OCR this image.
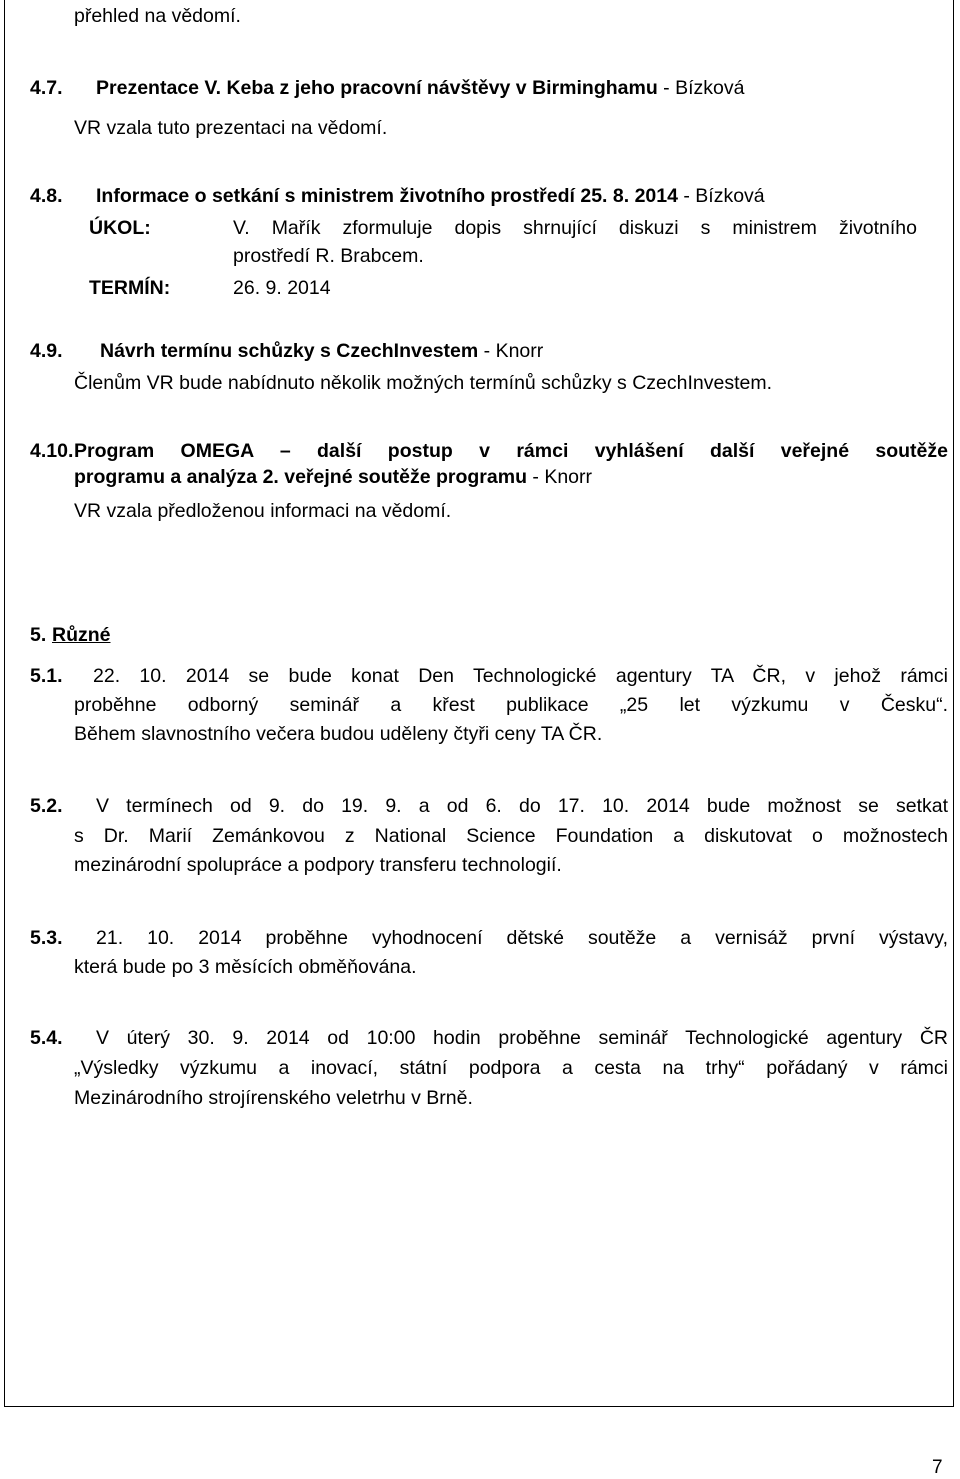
přehled na vědomí.
4.7. Prezentace V. Keba z jeho pracovní návštěvy v Birminghamu - Bízková
VR vzala tuto prezentaci na vědomí.
4.8. Informace o setkání s ministrem životního prostředí 25. 8. 2014 - Bízková
ÚKOL:	V. Mařík zformuluje dopis shrnující diskuzi s ministrem životního
prostředí R. Brabcem.
TERMÍN:	26. 9. 2014
4.9. Návrh termínu schůzky s CzechInvestem - Knorr
Členům VR bude nabídnuto několik možných termínů schůzky s CzechInvestem.
4.10. Program OMEGA – další postup v rámci vyhlášení další veřejné soutěže
programu a analýza 2. veřejné soutěže programu - Knorr
VR vzala předloženou informaci na vědomí.
5. Různé
5.1.	22. 10. 2014 se bude konat Den Technologické agentury TA ČR, v jehož rámci
proběhne odborný seminář a křest publikace „25 let výzkumu v Česku“.
Během slavnostního večera budou uděleny čtyři ceny TA ČR.
5.2. V termínech od 9. do 19. 9. a od 6. do 17. 10. 2014 bude možnost se setkat
s Dr. Marií Zemánkovou z National Science Foundation a diskutovat o možnostech
mezinárodní spolupráce a podpory transferu technologií.
5.3. 21. 10. 2014 proběhne vyhodnocení dětské soutěže a vernisáž první výstavy,
která bude po 3 měsících obměňována.
5.4. V úterý 30. 9. 2014 od 10:00 hodin proběhne seminář Technologické agentury ČR
„Výsledky výzkumu a inovací, státní podpora a cesta na trhy“ pořádaný v rámci
Mezinárodního strojírenského veletrhu v Brně.
7
